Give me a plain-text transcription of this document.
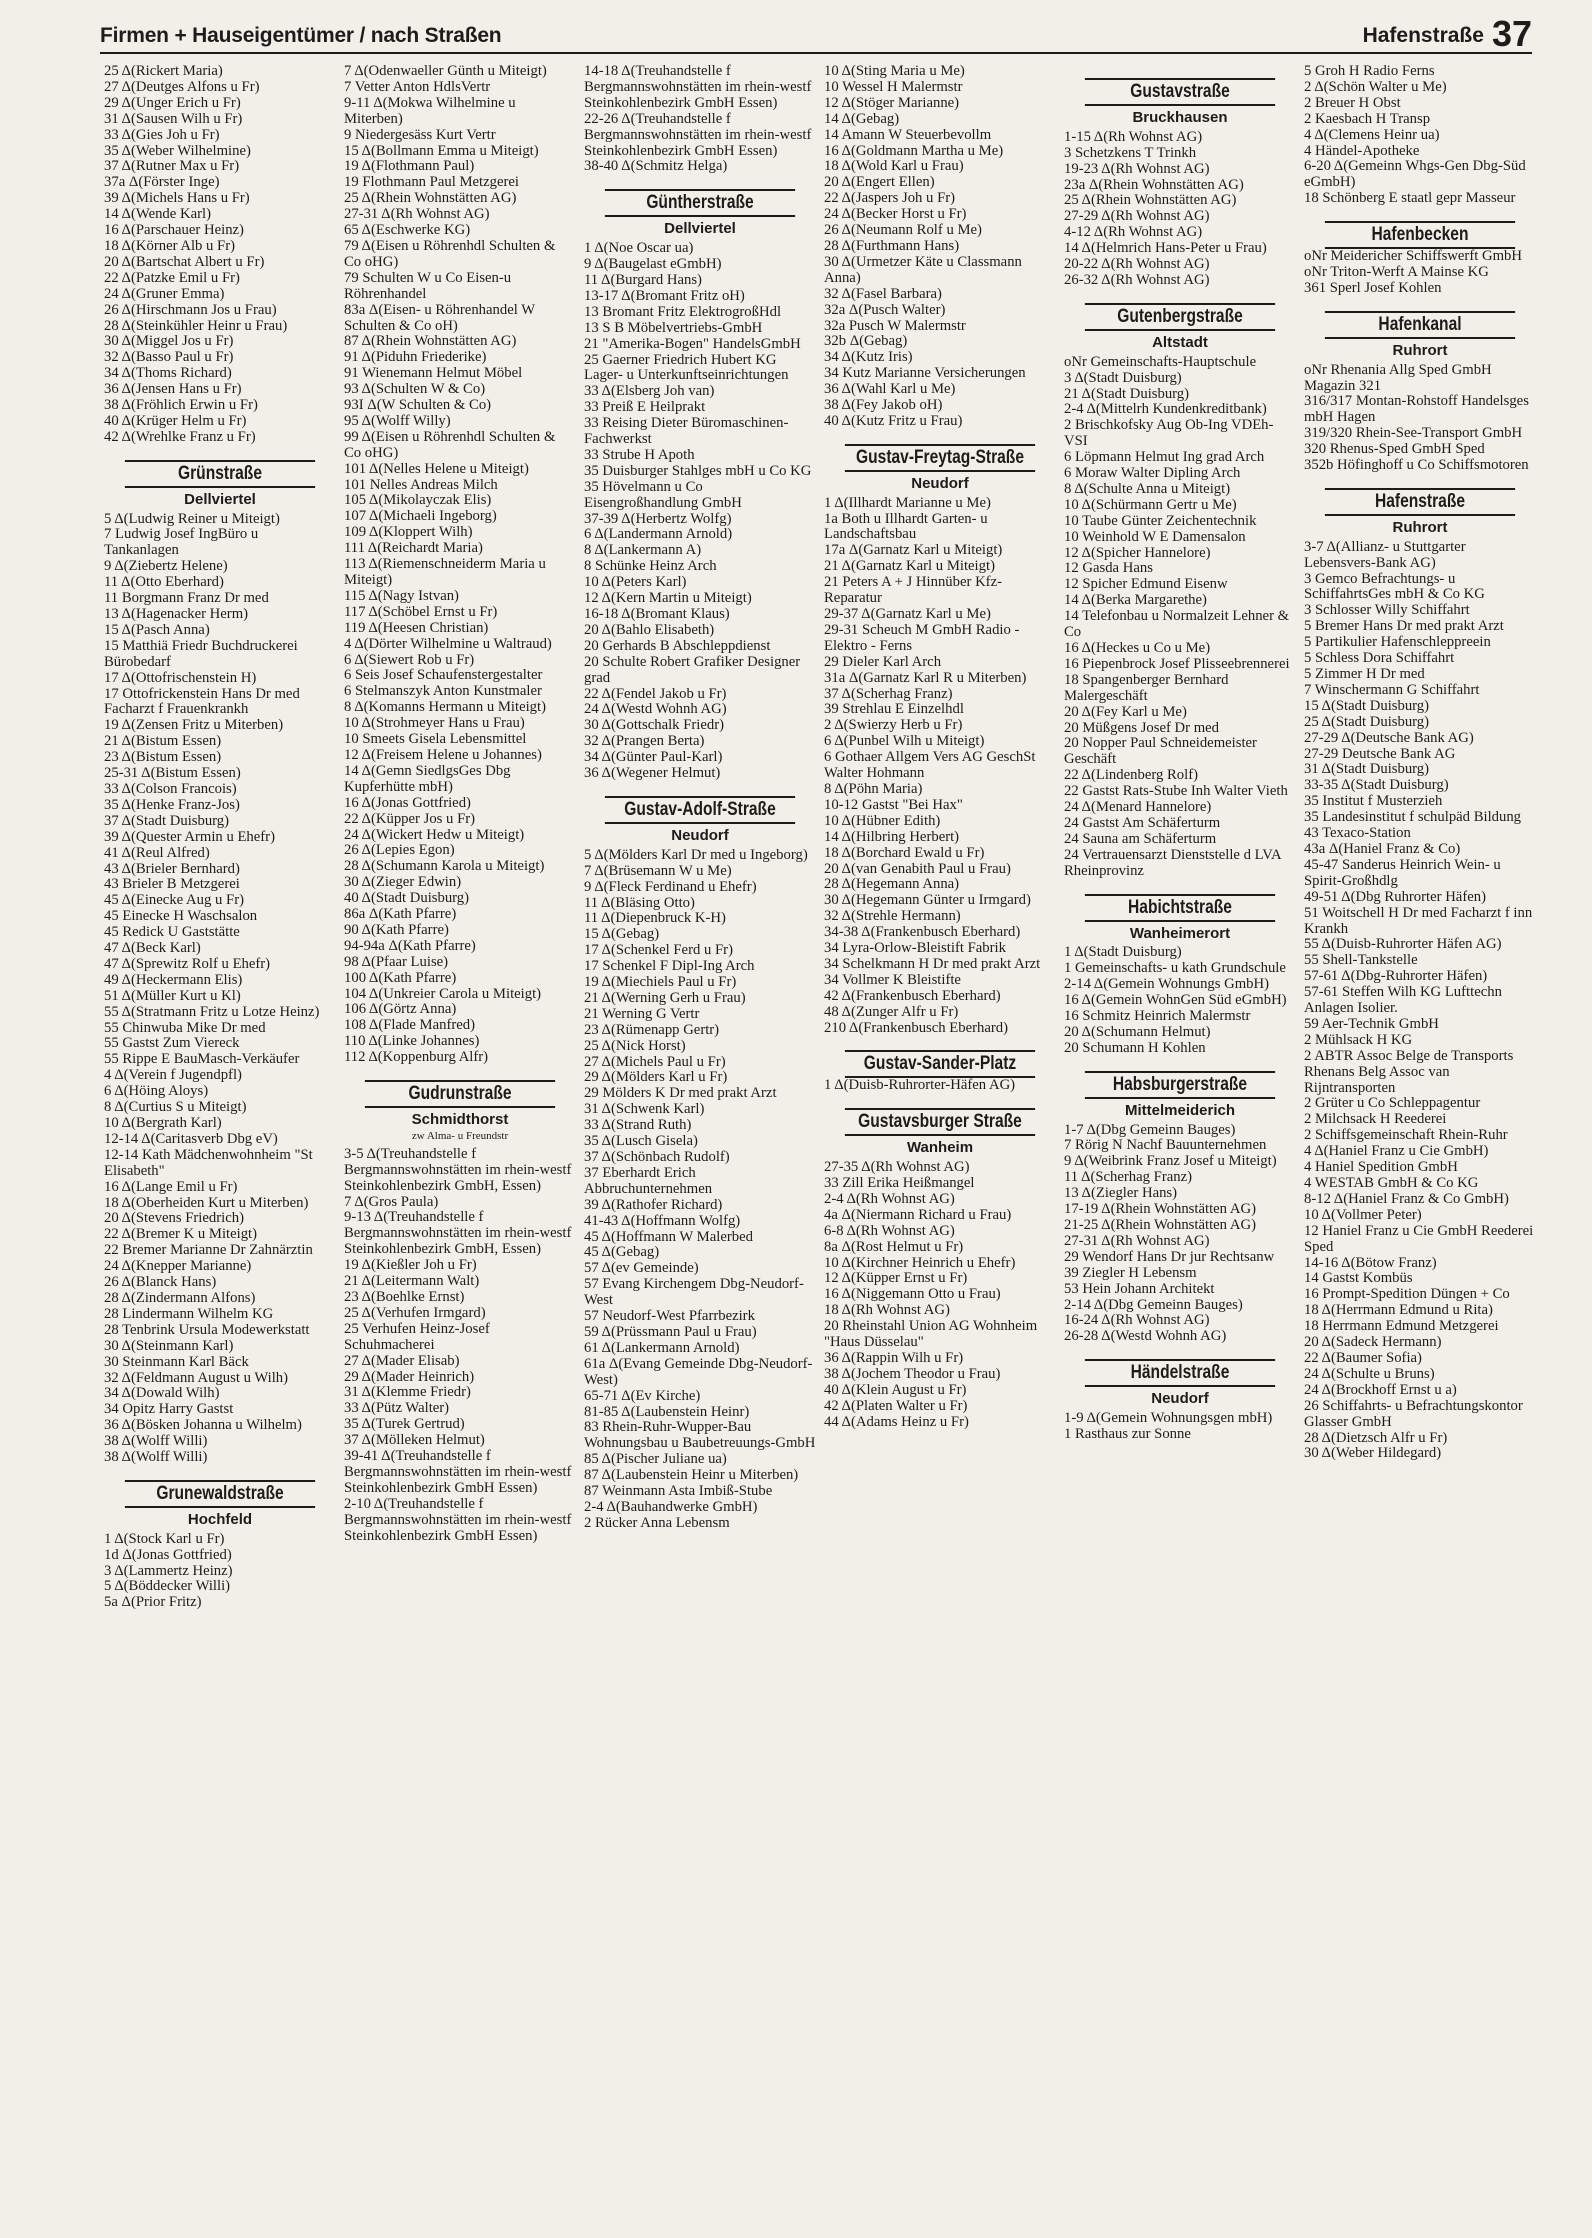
Firmen + Hauseigentümer / nach Straßen	Hafenstraße 37
25 Δ(Rickert Maria)
27 Δ(Deutges Alfons u Fr)
29 Δ(Unger Erich u Fr)
31 Δ(Sausen Wilh u Fr)
33 Δ(Gies Joh u Fr)
35 Δ(Weber Wilhelmine)
37 Δ(Rutner Max u Fr)
37a Δ(Förster Inge)
39 Δ(Michels Hans u Fr)
14 Δ(Wende Karl)
16 Δ(Parschauer Heinz)
18 Δ(Körner Alb u Fr)
20 Δ(Bartschat Albert u Fr)
22 Δ(Patzke Emil u Fr)
24 Δ(Gruner Emma)
26 Δ(Hirschmann Jos u Frau)
28 Δ(Steinkühler Heinr u Frau)
30 Δ(Miggel Jos u Fr)
32 Δ(Basso Paul u Fr)
34 Δ(Thoms Richard)
36 Δ(Jensen Hans u Fr)
38 Δ(Fröhlich Erwin u Fr)
40 Δ(Krüger Helm u Fr)
42 Δ(Wrehlke Franz u Fr)
Grünstraße
Dellviertel
5 Δ(Ludwig Reiner u Miteigt)
7 Ludwig Josef IngBüro u Tankanlagen
9 Δ(Ziebertz Helene)
11 Δ(Otto Eberhard)
11 Borgmann Franz Dr med
13 Δ(Hagenacker Herm)
15 Δ(Pasch Anna)
15 Matthiä Friedr Buchdruckerei Bürobedarf
17 Δ(Ottofrischenstein H)
17 Ottofrickenstein Hans Dr med Facharzt f Frauenkrankh
19 Δ(Zensen Fritz u Miterben)
21 Δ(Bistum Essen)
23 Δ(Bistum Essen)
25-31 Δ(Bistum Essen)
33 Δ(Colson Francois)
35 Δ(Henke Franz-Jos)
37 Δ(Stadt Duisburg)
39 Δ(Quester Armin u Ehefr)
41 Δ(Reul Alfred)
43 Δ(Brieler Bernhard)
43 Brieler B Metzgerei
45 Δ(Einecke Aug u Fr)
45 Einecke H Waschsalon
45 Redick U Gaststätte
47 Δ(Beck Karl)
47 Δ(Sprewitz Rolf u Ehefr)
49 Δ(Heckermann Elis)
51 Δ(Müller Kurt u Kl)
55 Δ(Stratmann Fritz u Lotze Heinz)
55 Chinwuba Mike Dr med
55 Gastst Zum Viereck
55 Rippe E BauMasch-Verkäufer
4 Δ(Verein f Jugendpfl)
6 Δ(Höing Aloys)
8 Δ(Curtius S u Miteigt)
10 Δ(Bergrath Karl)
12-14 Δ(Caritasverb Dbg eV)
12-14 Kath Mädchenwohnheim "St Elisabeth"
16 Δ(Lange Emil u Fr)
18 Δ(Oberheiden Kurt u Miterben)
20 Δ(Stevens Friedrich)
22 Δ(Bremer K u Miteigt)
22 Bremer Marianne Dr Zahnärztin
24 Δ(Knepper Marianne)
26 Δ(Blanck Hans)
28 Δ(Zindermann Alfons)
28 Lindermann Wilhelm KG
28 Tenbrink Ursula Modewerkstatt
30 Δ(Steinmann Karl)
30 Steinmann Karl Bäck
32 Δ(Feldmann August u Wilh)
34 Δ(Dowald Wilh)
34 Opitz Harry Gastst
36 Δ(Bösken Johanna u Wilhelm)
38 Δ(Wolff Willi)
38 Δ(Wolff Willi)
Grunewaldstraße
Hochfeld
1 Δ(Stock Karl u Fr)
1d Δ(Jonas Gottfried)
3 Δ(Lammertz Heinz)
5 Δ(Böddecker Willi)
5a Δ(Prior Fritz)
7 Δ(Odenwaeller Günth u Miteigt)
7 Vetter Anton HdlsVertr
9-11 Δ(Mokwa Wilhelmine u Miterben)
9 Niedergesäss Kurt Vertr
15 Δ(Bollmann Emma u Miteigt)
19 Δ(Flothmann Paul)
19 Flothmann Paul Metzgerei
25 Δ(Rhein Wohnstätten AG)
27-31 Δ(Rh Wohnst AG)
65 Δ(Eschwerke KG)
79 Δ(Eisen u Röhrenhdl Schulten & Co oHG)
79 Schulten W u Co Eisen-u Röhrenhandel
83a Δ(Eisen- u Röhrenhandel W Schulten & Co oH)
87 Δ(Rhein Wohnstätten AG)
91 Δ(Piduhn Friederike)
91 Wienemann Helmut Möbel
93 Δ(Schulten W & Co)
93I Δ(W Schulten & Co)
95 Δ(Wolff Willy)
99 Δ(Eisen u Röhrenhdl Schulten & Co oHG)
101 Δ(Nelles Helene u Miteigt)
101 Nelles Andreas Milch
105 Δ(Mikolayczak Elis)
107 Δ(Michaeli Ingeborg)
109 Δ(Kloppert Wilh)
111 Δ(Reichardt Maria)
113 Δ(Riemenschneiderm Maria u Miteigt)
115 Δ(Nagy Istvan)
117 Δ(Schöbel Ernst u Fr)
119 Δ(Heesen Christian)
4 Δ(Dörter Wilhelmine u Waltraud)
6 Δ(Siewert Rob u Fr)
6 Seis Josef Schaufenstergestalter
6 Stelmanszyk Anton Kunstmaler
8 Δ(Komanns Hermann u Miteigt)
10 Δ(Strohmeyer Hans u Frau)
10 Smeets Gisela Lebensmittel
12 Δ(Freisem Helene u Johannes)
14 Δ(Gemn SiedlgsGes Dbg Kupferhütte mbH)
16 Δ(Jonas Gottfried)
22 Δ(Küpper Jos u Fr)
24 Δ(Wickert Hedw u Miteigt)
26 Δ(Lepies Egon)
28 Δ(Schumann Karola u Miteigt)
30 Δ(Zieger Edwin)
40 Δ(Stadt Duisburg)
86a Δ(Kath Pfarre)
90 Δ(Kath Pfarre)
94-94a Δ(Kath Pfarre)
98 Δ(Pfaar Luise)
100 Δ(Kath Pfarre)
104 Δ(Unkreier Carola u Miteigt)
106 Δ(Görtz Anna)
108 Δ(Flade Manfred)
110 Δ(Linke Johannes)
112 Δ(Koppenburg Alfr)
Gudrunstraße
Schmidthorst
zw Alma- u Freundstr
3-5 Δ(Treuhandstelle f Bergmannswohnstätten im rhein-westf Steinkohlenbezirk GmbH, Essen)
7 Δ(Gros Paula)
9-13 Δ(Treuhandstelle f Bergmannswohnstätten im rhein-westf Steinkohlenbezirk GmbH, Essen)
19 Δ(Kießler Joh u Fr)
21 Δ(Leitermann Walt)
23 Δ(Boehlke Ernst)
25 Δ(Verhufen Irmgard)
25 Verhufen Heinz-Josef Schuhmacherei
27 Δ(Mader Elisab)
29 Δ(Mader Heinrich)
31 Δ(Klemme Friedr)
33 Δ(Pütz Walter)
35 Δ(Turek Gertrud)
37 Δ(Mölleken Helmut)
39-41 Δ(Treuhandstelle f Bergmannswohnstätten im rhein-westf Steinkohlenbezirk GmbH Essen)
2-10 Δ(Treuhandstelle f Bergmannswohnstätten im rhein-westf Steinkohlenbezirk GmbH Essen)
14-18 Δ(Treuhandstelle f Bergmannswohnstätten im rhein-westf Steinkohlenbezirk GmbH Essen)
22-26 Δ(Treuhandstelle f Bergmannswohnstätten im rhein-westf Steinkohlenbezirk GmbH Essen)
38-40 Δ(Schmitz Helga)
Güntherstraße
Dellviertel
1 Δ(Noe Oscar ua)
9 Δ(Baugelast eGmbH)
11 Δ(Burgard Hans)
13-17 Δ(Bromant Fritz oH)
13 Bromant Fritz ElektrogroßHdl
13 S B Möbelvertriebs-GmbH
21 "Amerika-Bogen" HandelsGmbH
25 Gaerner Friedrich Hubert KG Lager- u Unterkunftseinrichtungen
33 Δ(Elsberg Joh van)
33 Preiß E Heilprakt
33 Reising Dieter Büromaschinen-Fachwerkst
33 Strube H Apoth
35 Duisburger Stahlges mbH u Co KG
35 Hövelmann u Co Eisengroßhandlung GmbH
37-39 Δ(Herbertz Wolfg)
6 Δ(Landermann Arnold)
8 Δ(Lankermann A)
8 Schünke Heinz Arch
10 Δ(Peters Karl)
12 Δ(Kern Martin u Miteigt)
16-18 Δ(Bromant Klaus)
20 Δ(Bahlo Elisabeth)
20 Gerhards B Abschleppdienst
20 Schulte Robert Grafiker Designer grad
22 Δ(Fendel Jakob u Fr)
24 Δ(Westd Wohnh AG)
30 Δ(Gottschalk Friedr)
32 Δ(Prangen Berta)
34 Δ(Günter Paul-Karl)
36 Δ(Wegener Helmut)
Gustav-Adolf-Straße
Neudorf
5 Δ(Mölders Karl Dr med u Ingeborg)
7 Δ(Brüsemann W u Me)
9 Δ(Fleck Ferdinand u Ehefr)
11 Δ(Bläsing Otto)
11 Δ(Diepenbruck K-H)
15 Δ(Gebag)
17 Δ(Schenkel Ferd u Fr)
17 Schenkel F Dipl-Ing Arch
19 Δ(Miechiels Paul u Fr)
21 Δ(Werning Gerh u Frau)
21 Werning G Vertr
23 Δ(Rümenapp Gertr)
25 Δ(Nick Horst)
27 Δ(Michels Paul u Fr)
29 Δ(Mölders Karl u Fr)
29 Mölders K Dr med prakt Arzt
31 Δ(Schwenk Karl)
33 Δ(Strand Ruth)
35 Δ(Lusch Gisela)
37 Δ(Schönbach Rudolf)
37 Eberhardt Erich Abbruchunternehmen
39 Δ(Rathofer Richard)
41-43 Δ(Hoffmann Wolfg)
45 Δ(Hoffmann W Malerbed
45 Δ(Gebag)
57 Δ(ev Gemeinde)
57 Evang Kirchengem Dbg-Neudorf-West
57 Neudorf-West Pfarrbezirk
59 Δ(Prüssmann Paul u Frau)
61 Δ(Lankermann Arnold)
61a Δ(Evang Gemeinde Dbg-Neudorf-West)
65-71 Δ(Ev Kirche)
81-85 Δ(Laubenstein Heinr)
83 Rhein-Ruhr-Wupper-Bau Wohnungsbau u Baubetreuungs-GmbH
85 Δ(Pischer Juliane ua)
87 Δ(Laubenstein Heinr u Miterben)
87 Weinmann Asta Imbiß-Stube
2-4 Δ(Bauhandwerke GmbH)
2 Rücker Anna Lebensm
10 Δ(Sting Maria u Me)
10 Wessel H Malermstr
12 Δ(Stöger Marianne)
14 Δ(Gebag)
14 Amann W Steuerbevollm
16 Δ(Goldmann Martha u Me)
18 Δ(Wold Karl u Frau)
20 Δ(Engert Ellen)
22 Δ(Jaspers Joh u Fr)
24 Δ(Becker Horst u Fr)
26 Δ(Neumann Rolf u Me)
28 Δ(Furthmann Hans)
30 Δ(Urmetzer Käte u Classmann Anna)
32 Δ(Fasel Barbara)
32a Δ(Pusch Walter)
32a Pusch W Malermstr
32b Δ(Gebag)
34 Δ(Kutz Iris)
34 Kutz Marianne Versicherungen
36 Δ(Wahl Karl u Me)
38 Δ(Fey Jakob oH)
40 Δ(Kutz Fritz u Frau)
Gustav-Freytag-Straße
Neudorf
1 Δ(Illhardt Marianne u Me)
1a Both u Illhardt Garten- u Landschaftsbau
17a Δ(Garnatz Karl u Miteigt)
21 Δ(Garnatz Karl u Miteigt)
21 Peters A + J Hinnüber Kfz-Reparatur
29-37 Δ(Garnatz Karl u Me)
29-31 Scheuch M GmbH Radio - Elektro - Ferns
29 Dieler Karl Arch
31a Δ(Garnatz Karl R u Miterben)
37 Δ(Scherhag Franz)
39 Strehlau E Einzelhdl
2 Δ(Swierzy Herb u Fr)
6 Δ(Punbel Wilh u Miteigt)
6 Gothaer Allgem Vers AG GeschSt Walter Hohmann
8 Δ(Pöhn Maria)
10-12 Gastst "Bei Hax"
10 Δ(Hübner Edith)
14 Δ(Hilbring Herbert)
18 Δ(Borchard Ewald u Fr)
20 Δ(van Genabith Paul u Frau)
28 Δ(Hegemann Anna)
30 Δ(Hegemann Günter u Irmgard)
32 Δ(Strehle Hermann)
34-38 Δ(Frankenbusch Eberhard)
34 Lyra-Orlow-Bleistift Fabrik
34 Schelkmann H Dr med prakt Arzt
34 Vollmer K Bleistifte
42 Δ(Frankenbusch Eberhard)
48 Δ(Zunger Alfr u Fr)
210 Δ(Frankenbusch Eberhard)
Gustav-Sander-Platz
1 Δ(Duisb-Ruhrorter-Häfen AG)
Gustavsburger Straße
Wanheim
27-35 Δ(Rh Wohnst AG)
33 Zill Erika Heißmangel
2-4 Δ(Rh Wohnst AG)
4a Δ(Niermann Richard u Frau)
6-8 Δ(Rh Wohnst AG)
8a Δ(Rost Helmut u Fr)
10 Δ(Kirchner Heinrich u Ehefr)
12 Δ(Küpper Ernst u Fr)
16 Δ(Niggemann Otto u Frau)
18 Δ(Rh Wohnst AG)
20 Rheinstahl Union AG Wohnheim "Haus Düsselau"
36 Δ(Rappin Wilh u Fr)
38 Δ(Jochem Theodor u Frau)
40 Δ(Klein August u Fr)
42 Δ(Platen Walter u Fr)
44 Δ(Adams Heinz u Fr)
Gustavstraße
Bruckhausen
1-15 Δ(Rh Wohnst AG)
3 Schetzkens T Trinkh
19-23 Δ(Rh Wohnst AG)
23a Δ(Rhein Wohnstätten AG)
25 Δ(Rhein Wohnstätten AG)
27-29 Δ(Rh Wohnst AG)
4-12 Δ(Rh Wohnst AG)
14 Δ(Helmrich Hans-Peter u Frau)
20-22 Δ(Rh Wohnst AG)
26-32 Δ(Rh Wohnst AG)
Gutenbergstraße
Altstadt
oNr Gemeinschafts-Hauptschule
3 Δ(Stadt Duisburg)
21 Δ(Stadt Duisburg)
2-4 Δ(Mittelrh Kundenkreditbank)
2 Brischkofsky Aug Ob-Ing VDEh-VSI
6 Löpmann Helmut Ing grad Arch
6 Moraw Walter Dipling Arch
8 Δ(Schulte Anna u Miteigt)
10 Δ(Schürmann Gertr u Me)
10 Taube Günter Zeichentechnik
10 Weinhold W E Damensalon
12 Δ(Spicher Hannelore)
12 Gasda Hans
12 Spicher Edmund Eisenw
14 Δ(Berka Margarethe)
14 Telefonbau u Normalzeit Lehner & Co
16 Δ(Heckes u Co u Me)
16 Piepenbrock Josef Plisseebrennerei
18 Spangenberger Bernhard Malergeschäft
20 Δ(Fey Karl u Me)
20 Müßgens Josef Dr med
20 Nopper Paul Schneidemeister Geschäft
22 Δ(Lindenberg Rolf)
22 Gastst Rats-Stube Inh Walter Vieth
24 Δ(Menard Hannelore)
24 Gastst Am Schäferturm
24 Sauna am Schäferturm
24 Vertrauensarzt Dienststelle d LVA Rheinprovinz
Habichtstraße
Wanheimerort
1 Δ(Stadt Duisburg)
1 Gemeinschafts- u kath Grundschule
2-14 Δ(Gemein Wohnungs GmbH)
16 Δ(Gemein WohnGen Süd eGmbH)
16 Schmitz Heinrich Malermstr
20 Δ(Schumann Helmut)
20 Schumann H Kohlen
Habsburgerstraße
Mittelmeiderich
1-7 Δ(Dbg Gemeinn Bauges)
7 Rörig N Nachf Bauunternehmen
9 Δ(Weibrink Franz Josef u Miteigt)
11 Δ(Scherhag Franz)
13 Δ(Ziegler Hans)
17-19 Δ(Rhein Wohnstätten AG)
21-25 Δ(Rhein Wohnstätten AG)
27-31 Δ(Rh Wohnst AG)
29 Wendorf Hans Dr jur Rechtsanw
39 Ziegler H Lebensm
53 Hein Johann Architekt
2-14 Δ(Dbg Gemeinn Bauges)
16-24 Δ(Rh Wohnst AG)
26-28 Δ(Westd Wohnh AG)
Händelstraße
Neudorf
1-9 Δ(Gemein Wohnungsgen mbH)
1 Rasthaus zur Sonne
5 Groh H Radio Ferns
2 Δ(Schön Walter u Me)
2 Breuer H Obst
2 Kaesbach H Transp
4 Δ(Clemens Heinr ua)
4 Händel-Apotheke
6-20 Δ(Gemeinn Whgs-Gen Dbg-Süd eGmbH)
18 Schönberg E staatl gepr Masseur
Hafenbecken
oNr Meidericher Schiffswerft GmbH
oNr Triton-Werft A Mainse KG
361 Sperl Josef Kohlen
Hafenkanal
Ruhrort
oNr Rhenania Allg Sped GmbH Magazin 321
316/317 Montan-Rohstoff Handelsges mbH Hagen
319/320 Rhein-See-Transport GmbH
320 Rhenus-Sped GmbH Sped
352b Höfinghoff u Co Schiffsmotoren
Hafenstraße
Ruhrort
3-7 Δ(Allianz- u Stuttgarter Lebensvers-Bank AG)
3 Gemco Befrachtungs- u SchiffahrtsGes mbH & Co KG
3 Schlosser Willy Schiffahrt
5 Bremer Hans Dr med prakt Arzt
5 Partikulier Hafenschleppreein
5 Schless Dora Schiffahrt
5 Zimmer H Dr med
7 Winschermann G Schiffahrt
15 Δ(Stadt Duisburg)
25 Δ(Stadt Duisburg)
27-29 Δ(Deutsche Bank AG)
27-29 Deutsche Bank AG
31 Δ(Stadt Duisburg)
33-35 Δ(Stadt Duisburg)
35 Institut f Musterzieh
35 Landesinstitut f schulpäd Bildung
43 Texaco-Station
43a Δ(Haniel Franz & Co)
45-47 Sanderus Heinrich Wein- u Spirit-Großhdlg
49-51 Δ(Dbg Ruhrorter Häfen)
51 Woitschell H Dr med Facharzt f inn Krankh
55 Δ(Duisb-Ruhrorter Häfen AG)
55 Shell-Tankstelle
57-61 Δ(Dbg-Ruhrorter Häfen)
57-61 Steffen Wilh KG Lufttechn Anlagen Isolier.
59 Aer-Technik GmbH
2 Mühlsack H KG
2 ABTR Assoc Belge de Transports Rhenans Belg Assoc van Rijntransporten
2 Grüter u Co Schleppagentur
2 Milchsack H Reederei
2 Schiffsgemeinschaft Rhein-Ruhr
4 Δ(Haniel Franz u Cie GmbH)
4 Haniel Spedition GmbH
4 WESTAB GmbH & Co KG
8-12 Δ(Haniel Franz & Co GmbH)
10 Δ(Vollmer Peter)
12 Haniel Franz u Cie GmbH Reederei Sped
14-16 Δ(Bötow Franz)
14 Gastst Kombüs
16 Prompt-Spedition Düngen + Co
18 Δ(Herrmann Edmund u Rita)
18 Herrmann Edmund Metzgerei
20 Δ(Sadeck Hermann)
22 Δ(Baumer Sofia)
24 Δ(Schulte u Bruns)
24 Δ(Brockhoff Ernst u a)
26 Schiffahrts- u Befrachtungskontor Glasser GmbH
28 Δ(Dietzsch Alfr u Fr)
30 Δ(Weber Hildegard)
